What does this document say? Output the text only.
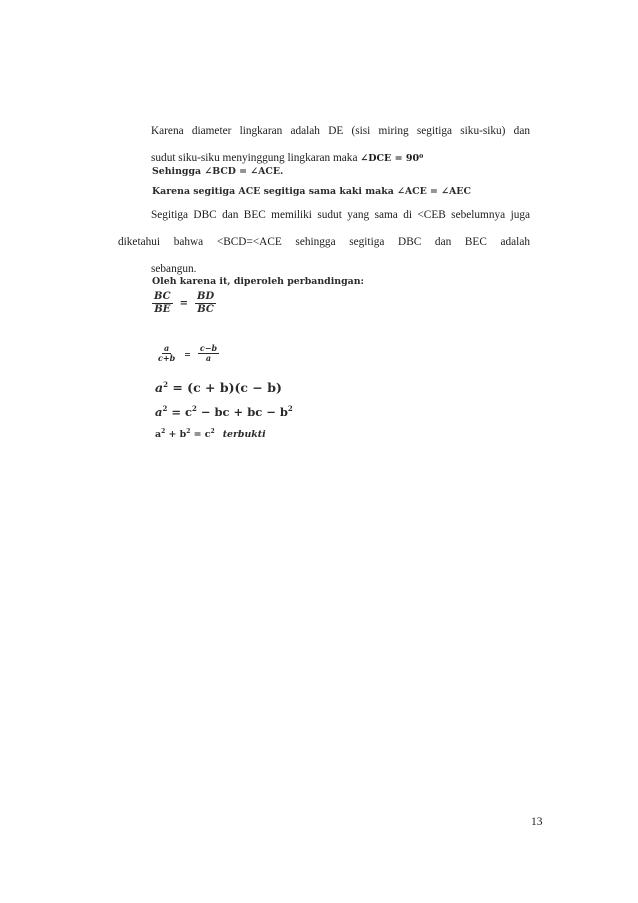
Karena diameter lingkaran adalah DE (sisi miring segitiga siku-siku) dan
sudut siku-siku menyinggung lingkaran maka ∠DCE = 90⁰
Sehingga ∠BCD = ∠ACE.
Karena segitiga ACE segitiga sama kaki maka ∠ACE = ∠AEC
Segitiga DBC dan BEC memiliki sudut yang sama di <CEB sebelumnya juga diketahui bahwa <BCD=<ACE sehingga segitiga DBC dan BEC adalah
sebangun.
Oleh karena it, diperoleh perbandingan:
$\frac{BC}{BE} = \frac{BD}{BC}$
$\frac{a}{c+b} = \frac{c-b}{a}$
$a^2 = (c + b)(c - b)$
$a^2 = c^2$ − bc + bc − $b^2$
$a^2 + b^2 = c^2$ terbukti
13
